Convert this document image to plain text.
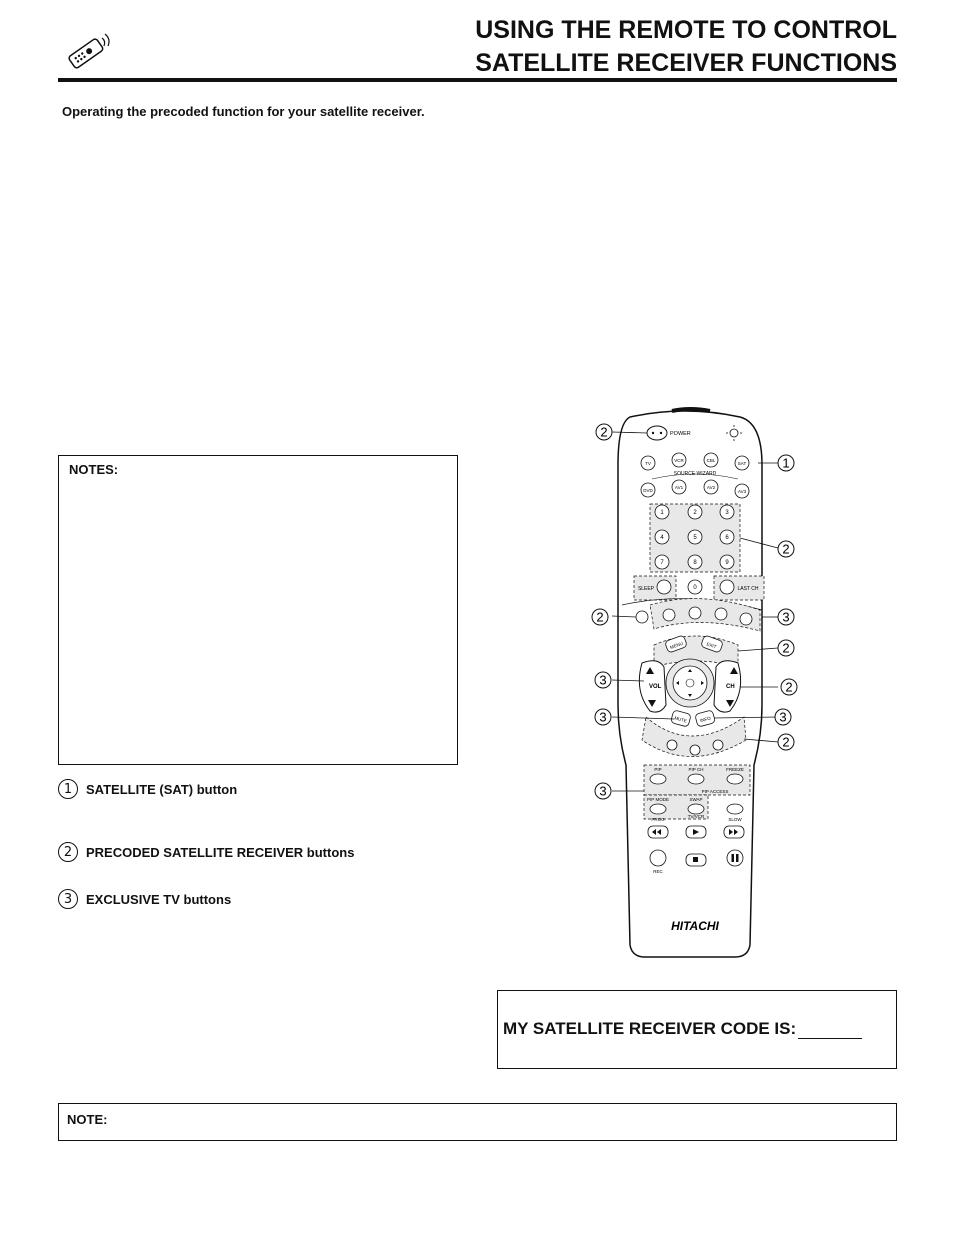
USING THE REMOTE TO CONTROL
SATELLITE RECEIVER FUNCTIONS
Operating the precoded function for your satellite receiver.
NOTES:
1	SATELLITE (SAT) button
2	PRECODED SATELLITE RECEIVER buttons
3	EXCLUSIVE TV buttons
MY SATELLITE RECEIVER CODE IS:
NOTE:
POWER
TV
VCR	CBL
SAT
SOURCE WIZARD
DVD
AV1	AV2
AV3
1	2	3
4	5	6
7	8	9
SLEEP	0	LAST CH
MENU	EXIT
VOL	CH
MUTE	INFO
PIP	PIP CH	FREEZE
PIP ACCESS
PIP MODE	SWAP
SLOW
PROG
TV/VCR
REC
HITACHI
2
1
2
2	3
2
3	2
3	3
2
3
